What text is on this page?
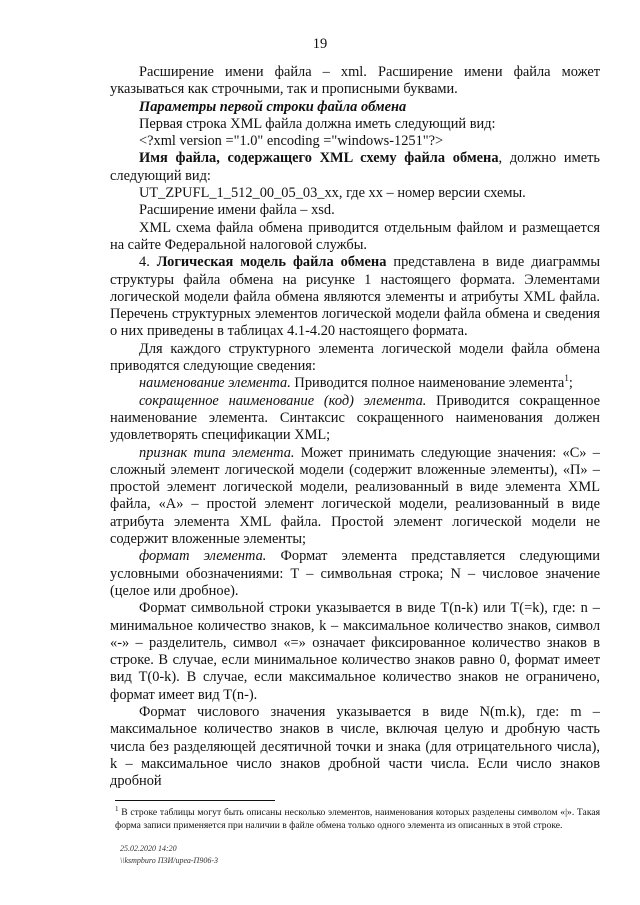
19

Расширение имени файла – xml. Расширение имени файла может указываться как строчными, так и прописными буквами.

Параметры первой строки файла обмена

Первая строка XML файла должна иметь следующий вид:

<?xml version ="1.0" encoding ="windows-1251"?>

Имя файла, содержащего XML схему файла обмена, должно иметь следующий вид:

UT_ZPUFL_1_512_00_05_03_xx, где xx – номер версии схемы.

Расширение имени файла – xsd.

XML схема файла обмена приводится отдельным файлом и размещается на сайте Федеральной налоговой службы.

4. Логическая модель файла обмена представлена в виде диаграммы структуры файла обмена на рисунке 1 настоящего формата. Элементами логической модели файла обмена являются элементы и атрибуты XML файла. Перечень структурных элементов логической модели файла обмена и сведения о них приведены в таблицах 4.1-4.20 настоящего формата.

Для каждого структурного элемента логической модели файла обмена приводятся следующие сведения:

наименование элемента. Приводится полное наименование элемента$^1$;

сокращенное наименование (код) элемента. Приводится сокращенное наименование элемента. Синтаксис сокращенного наименования должен удовлетворять спецификации XML;

признак типа элемента. Может принимать следующие значения: «С» – сложный элемент логической модели (содержит вложенные элементы), «П» – простой элемент логической модели, реализованный в виде элемента XML файла, «А» – простой элемент логической модели, реализованный в виде атрибута элемента XML файла. Простой элемент логической модели не содержит вложенные элементы;

формат элемента. Формат элемента представляется следующими условными обозначениями: Т – символьная строка; N – числовое значение (целое или дробное).

Формат символьной строки указывается в виде Т(n-k) или Т(=k), где: n – минимальное количество знаков, k – максимальное количество знаков, символ «-» – разделитель, символ «=» означает фиксированное количество знаков в строке. В случае, если минимальное количество знаков равно 0, формат имеет вид Т(0-k). В случае, если максимальное количество знаков не ограничено, формат имеет вид Т(n-).

Формат числового значения указывается в виде N(m.k), где: m – максимальное количество знаков в числе, включая целую и дробную часть числа без разделяющей десятичной точки и знака (для отрицательного числа), k – максимальное число знаков дробной части числа. Если число знаков дробной

$^1$ В строке таблицы могут быть описаны несколько элементов, наименования которых разделены символом «|». Такая форма записи применяется при наличии в файле обмена только одного элемента из описанных в этой строке.
25.02.2020 14:20
\\ksmpburo ПЗИ/иреа-П906-3
